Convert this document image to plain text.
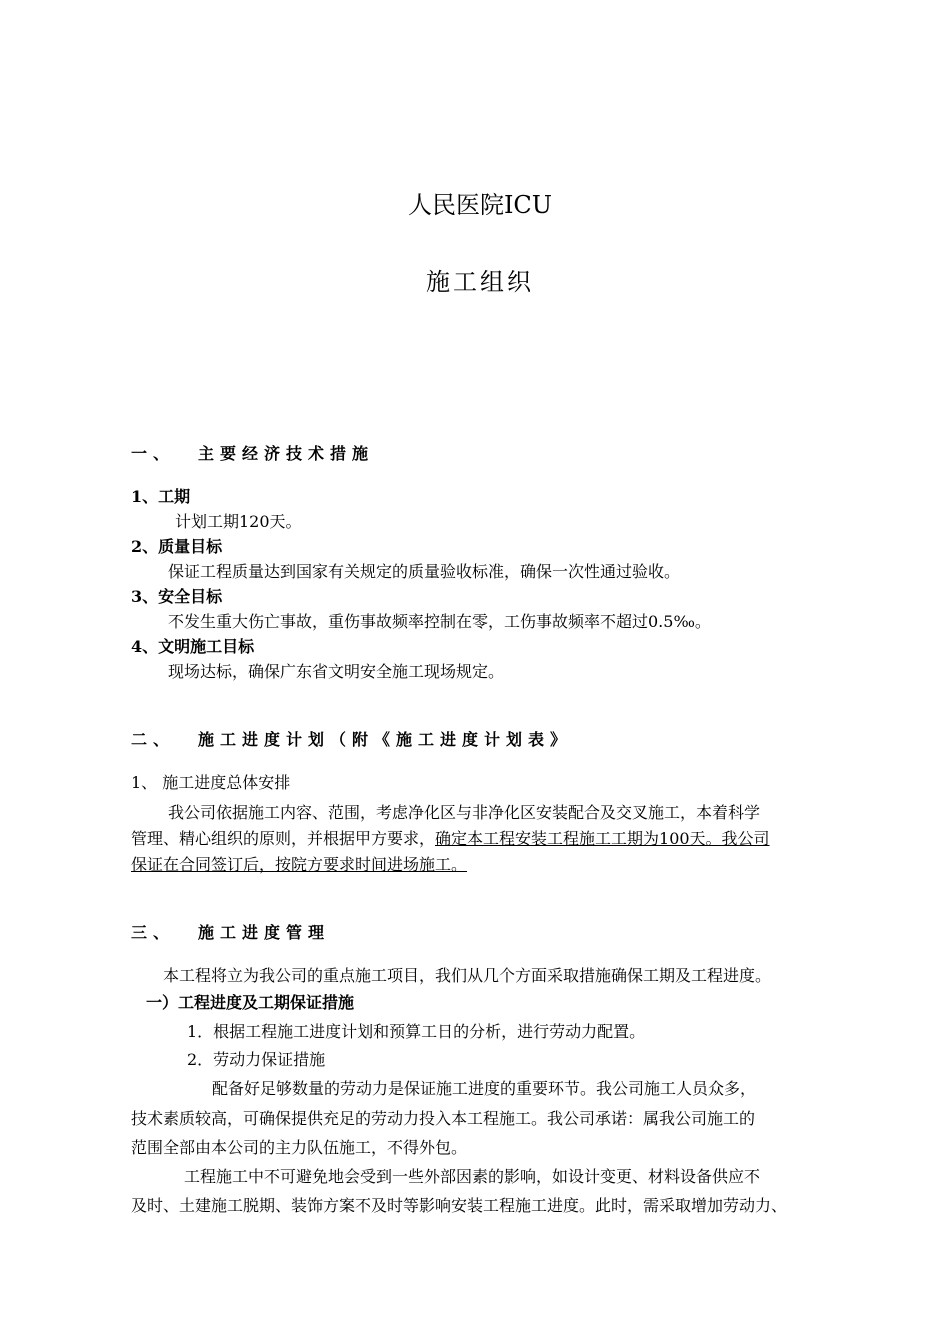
人民医院ICU
施工组织
一、 主要经济技术措施
1、工期
计划工期120天。
2、质量目标
保证工程质量达到国家有关规定的质量验收标准，确保一次性通过验收。
3、安全目标
不发生重大伤亡事故，重伤事故频率控制在零，工伤事故频率不超过0.5‰。
4、文明施工目标
现场达标，确保广东省文明安全施工现场规定。
二、 施工进度计划（附《施工进度计划表》
1、 施工进度总体安排
我公司依据施工内容、范围，考虑净化区与非净化区安装配合及交叉施工，本着科学
管理、精心组织的原则，并根据甲方要求，确定本工程安装工程施工工期为100天。我公司
保证在合同签订后，按院方要求时间进场施工。
三、 施工进度管理
本工程将立为我公司的重点施工项目，我们从几个方面采取措施确保工期及工程进度。
一）工程进度及工期保证措施
1．根据工程施工进度计划和预算工日的分析，进行劳动力配置。
2．劳动力保证措施
配备好足够数量的劳动力是保证施工进度的重要环节。我公司施工人员众多，
技术素质较高，可确保提供充足的劳动力投入本工程施工。我公司承诺：属我公司施工的
范围全部由本公司的主力队伍施工，不得外包。
工程施工中不可避免地会受到一些外部因素的影响，如设计变更、材料设备供应不
及时、土建施工脱期、装饰方案不及时等影响安装工程施工进度。此时，需采取增加劳动力、
